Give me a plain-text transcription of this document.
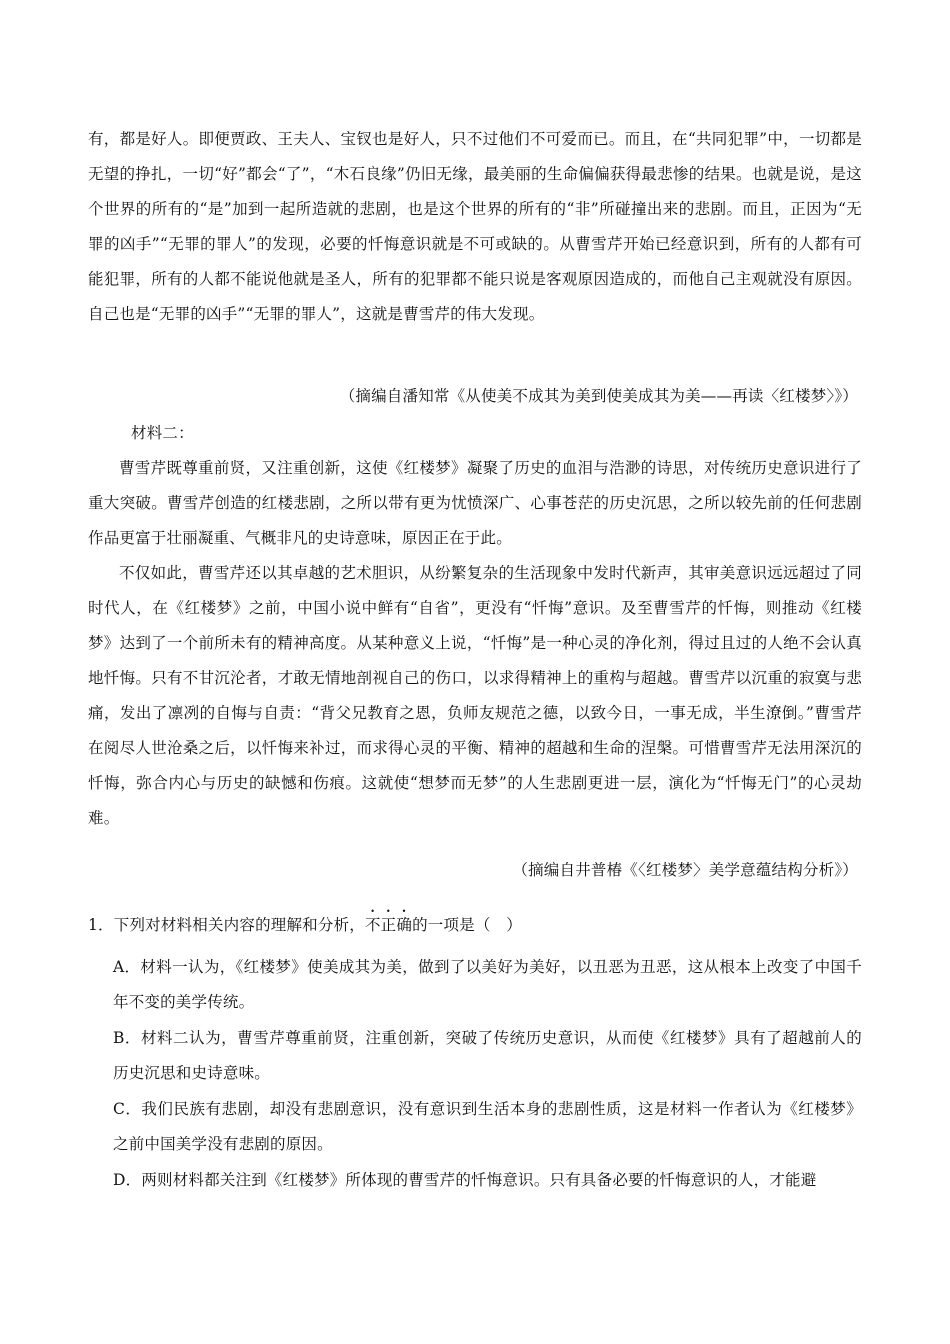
有，都是好人。即便贾政、王夫人、宝钗也是好人，只不过他们不可爱而已。而且，在“共同犯罪”中，一切都是无望的挣扎，一切“好”都会“了”，“木石良缘”仍旧无缘，最美丽的生命偏偏获得最悲惨的结果。也就是说，是这个世界的所有的“是”加到一起所造就的悲剧，也是这个世界的所有的“非”所碰撞出来的悲剧。而且，正因为“无罪的凶手”“无罪的罪人”的发现，必要的忏悔意识就是不可或缺的。从曹雪芹开始已经意识到，所有的人都有可能犯罪，所有的人都不能说他就是圣人，所有的犯罪都不能只说是客观原因造成的，而他自己主观就没有原因。自己也是“无罪的凶手”“无罪的罪人”，这就是曹雪芹的伟大发现。

（摘编自潘知常《从使美不成其为美到使美成其为美——再读〈红楼梦〉》）
材料二：

曹雪芹既尊重前贤，又注重创新，这使《红楼梦》凝聚了历史的血泪与浩渺的诗思，对传统历史意识进行了重大突破。曹雪芹创造的红楼悲剧，之所以带有更为忧愤深广、心事苍茫的历史沉思，之所以较先前的任何悲剧作品更富于壮丽凝重、气概非凡的史诗意味，原因正在于此。

不仅如此，曹雪芹还以其卓越的艺术胆识，从纷繁复杂的生活现象中发时代新声，其审美意识远远超过了同时代人，在《红楼梦》之前，中国小说中鲜有“自省”，更没有“忏悔”意识。及至曹雪芹的忏悔，则推动《红楼梦》达到了一个前所未有的精神高度。从某种意义上说，“忏悔”是一种心灵的净化剂，得过且过的人绝不会认真地忏悔。只有不甘沉沦者，才敢无情地剖视自己的伤口，以求得精神上的重构与超越。曹雪芹以沉重的寂寞与悲痛，发出了凛冽的自悔与自责：“背父兄教育之恩，负师友规范之德，以致今日，一事无成，半生潦倒。”曹雪芹在阅尽人世沧桑之后，以忏悔来补过，而求得心灵的平衡、精神的超越和生命的涅槃。可惜曹雪芹无法用深沉的忏悔，弥合内心与历史的缺憾和伤痕。这就使“想梦而无梦”的人生悲剧更进一层，演化为“忏悔无门”的心灵劫难。

（摘编自井普椿《〈红楼梦〉美学意蕴结构分析》）
1．下列对材料相关内容的理解和分析，不正确的一项是（　）

A．材料一认为，《红楼梦》使美成其为美，做到了以美好为美好，以丑恶为丑恶，这从根本上改变了中国千年不变的美学传统。

B．材料二认为，曹雪芹尊重前贤，注重创新，突破了传统历史意识，从而使《红楼梦》具有了超越前人的历史沉思和史诗意味。

C．我们民族有悲剧，却没有悲剧意识，没有意识到生活本身的悲剧性质，这是材料一作者认为《红楼梦》之前中国美学没有悲剧的原因。

D．两则材料都关注到《红楼梦》所体现的曹雪芹的忏悔意识。只有具备必要的忏悔意识的人，才能避
